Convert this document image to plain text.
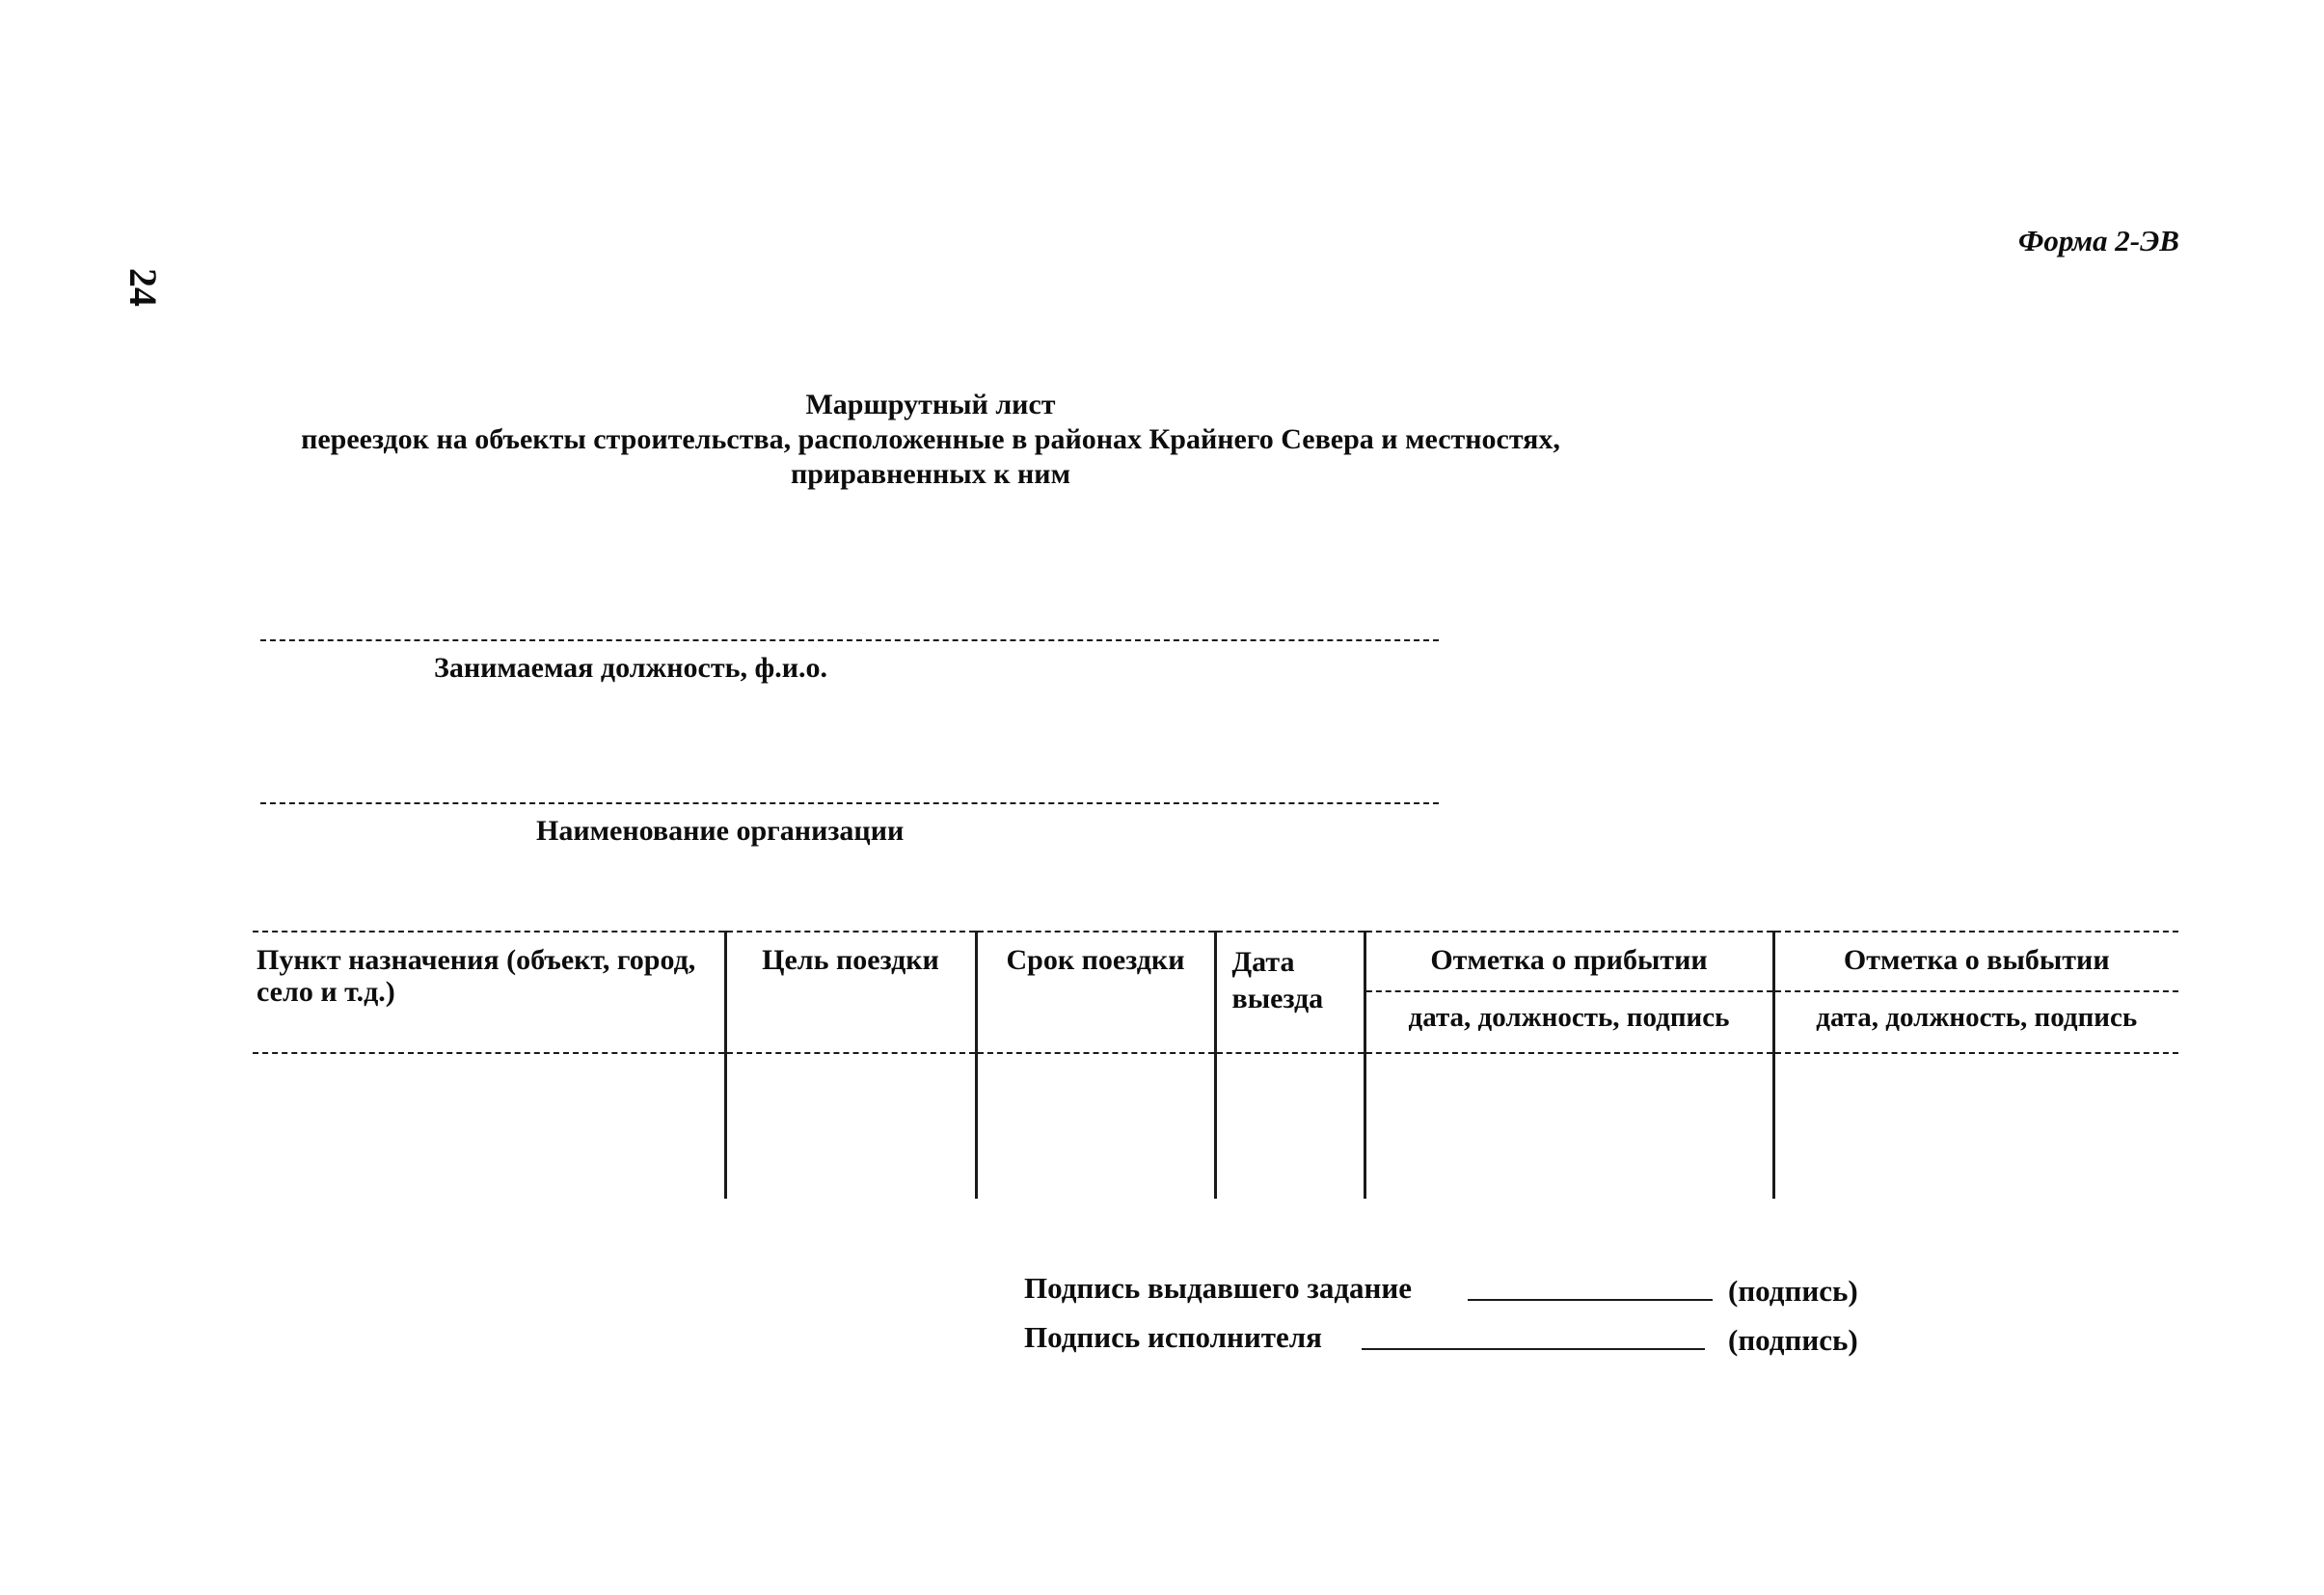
24
Форма 2-ЭВ
Маршрутный лист
переездок на объекты строительства, расположенные в районах Крайнего Севера и местностях,
приравненных к ним
Занимаемая должность, ф.и.о.
Наименование организации
Пункт назначения (объект, город, село и т.д.)	Цель поездки	Срок поездки	Дата выезда	Отметка о прибытии	Отметка о выбытии
				дата, должность, подпись	дата, должность, подпись

Подпись выдавшего задание	(подпись)
Подпись исполнителя	(подпись)
